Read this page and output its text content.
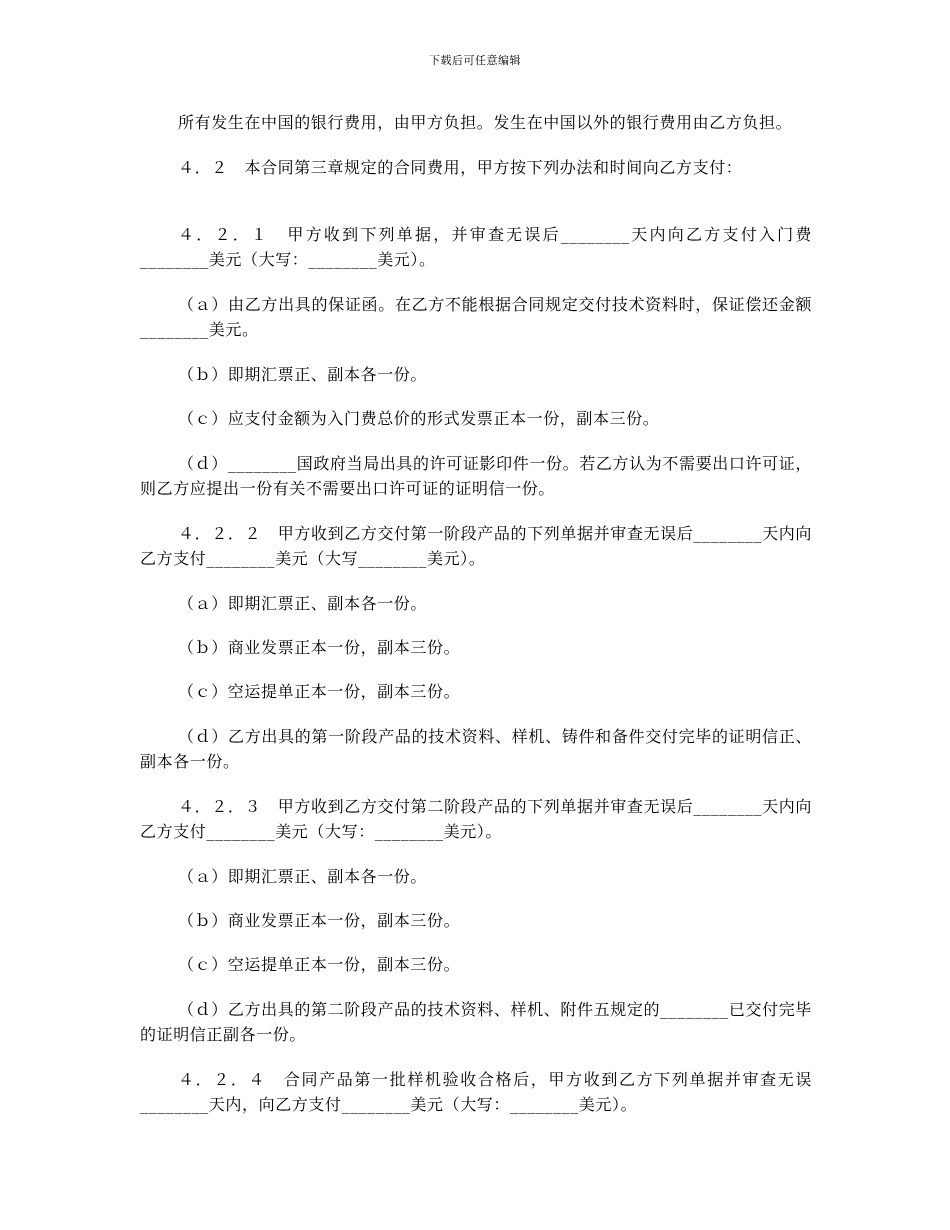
下载后可任意编辑

所有发生在中国的银行费用，由甲方负担。发生在中国以外的银行费用由乙方负担。

４．２　本合同第三章规定的合同费用，甲方按下列办法和时间向乙方支付：

４．２．１　甲方收到下列单据，并审查无误后________天内向乙方支付入门费________美元（大写：________美元）。

（ａ）由乙方出具的保证函。在乙方不能根据合同规定交付技术资料时，保证偿还金额________美元。

（ｂ）即期汇票正、副本各一份。

（ｃ）应支付金额为入门费总价的形式发票正本一份，副本三份。

（ｄ）________国政府当局出具的许可证影印件一份。若乙方认为不需要出口许可证，则乙方应提出一份有关不需要出口许可证的证明信一份。

４．２．２　甲方收到乙方交付第一阶段产品的下列单据并审查无误后________天内向乙方支付________美元（大写________美元）。

（ａ）即期汇票正、副本各一份。

（ｂ）商业发票正本一份，副本三份。

（ｃ）空运提单正本一份，副本三份。

（ｄ）乙方出具的第一阶段产品的技术资料、样机、铸件和备件交付完毕的证明信正、副本各一份。

４．２．３　甲方收到乙方交付第二阶段产品的下列单据并审查无误后________天内向乙方支付________美元（大写：________美元）。

（ａ）即期汇票正、副本各一份。

（ｂ）商业发票正本一份，副本三份。

（ｃ）空运提单正本一份，副本三份。

（ｄ）乙方出具的第二阶段产品的技术资料、样机、附件五规定的________已交付完毕的证明信正副各一份。

４．２．４　合同产品第一批样机验收合格后，甲方收到乙方下列单据并审查无误________天内，向乙方支付________美元（大写：________美元）。
